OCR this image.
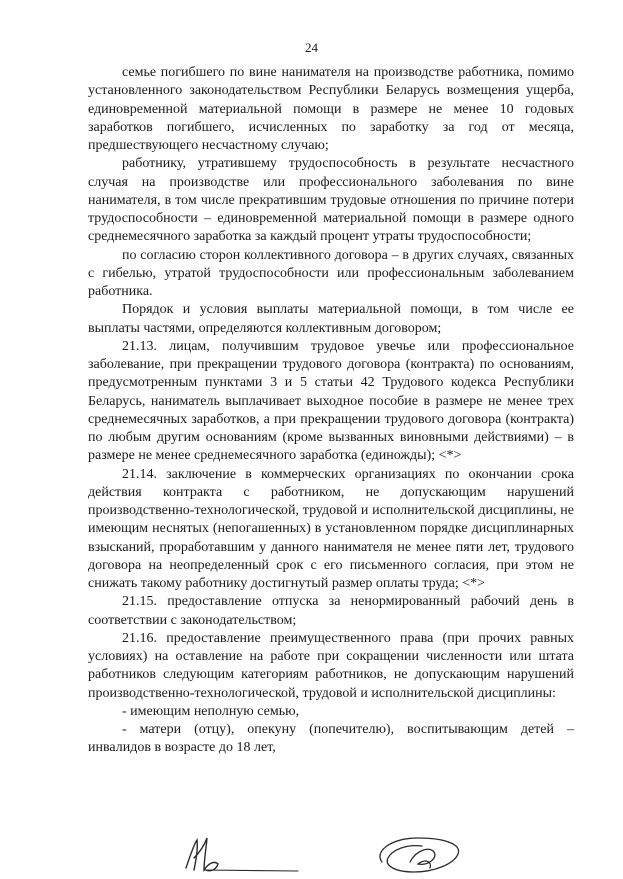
24

семье погибшего по вине нанимателя на производстве работника, помимо установленного законодательством Республики Беларусь возмещения ущерба, единовременной материальной помощи в размере не менее 10 годовых заработков погибшего, исчисленных по заработку за год от месяца, предшествующего несчастному случаю;

работнику, утратившему трудоспособность в результате несчастного случая на производстве или профессионального заболевания по вине нанимателя, в том числе прекратившим трудовые отношения по причине потери трудоспособности – единовременной материальной помощи в размере одного среднемесячного заработка за каждый процент утраты трудоспособности;

по согласию сторон коллективного договора – в других случаях, связанных с гибелью, утратой трудоспособности или профессиональным заболеванием работника.

Порядок и условия выплаты материальной помощи, в том числе ее выплаты частями, определяются коллективным договором;

21.13. лицам, получившим трудовое увечье или профессиональное заболевание, при прекращении трудового договора (контракта) по основаниям, предусмотренным пунктами 3 и 5 статьи 42 Трудового кодекса Республики Беларусь, наниматель выплачивает выходное пособие в размере не менее трех среднемесячных заработков, а при прекращении трудового договора (контракта) по любым другим основаниям (кроме вызванных виновными действиями) – в размере не менее среднемесячного заработка (единожды); <*>

21.14. заключение в коммерческих организациях по окончании срока действия контракта с работником, не допускающим нарушений производственно-технологической, трудовой и исполнительской дисциплины, не имеющим неснятых (непогашенных) в установленном порядке дисциплинарных взысканий, проработавшим у данного нанимателя не менее пяти лет, трудового договора на неопределенный срок с его письменного согласия, при этом не снижать такому работнику достигнутый размер оплаты труда; <*>

21.15. предоставление отпуска за ненормированный рабочий день в соответствии с законодательством;

21.16. предоставление преимущественного права (при прочих равных условиях) на оставление на работе при сокращении численности или штата работников следующим категориям работников, не допускающим нарушений производственно-технологической, трудовой и исполнительской дисциплины:

- имеющим неполную семью,

- матери (отцу), опекуну (попечителю), воспитывающим детей – инвалидов в возрасте до 18 лет,
